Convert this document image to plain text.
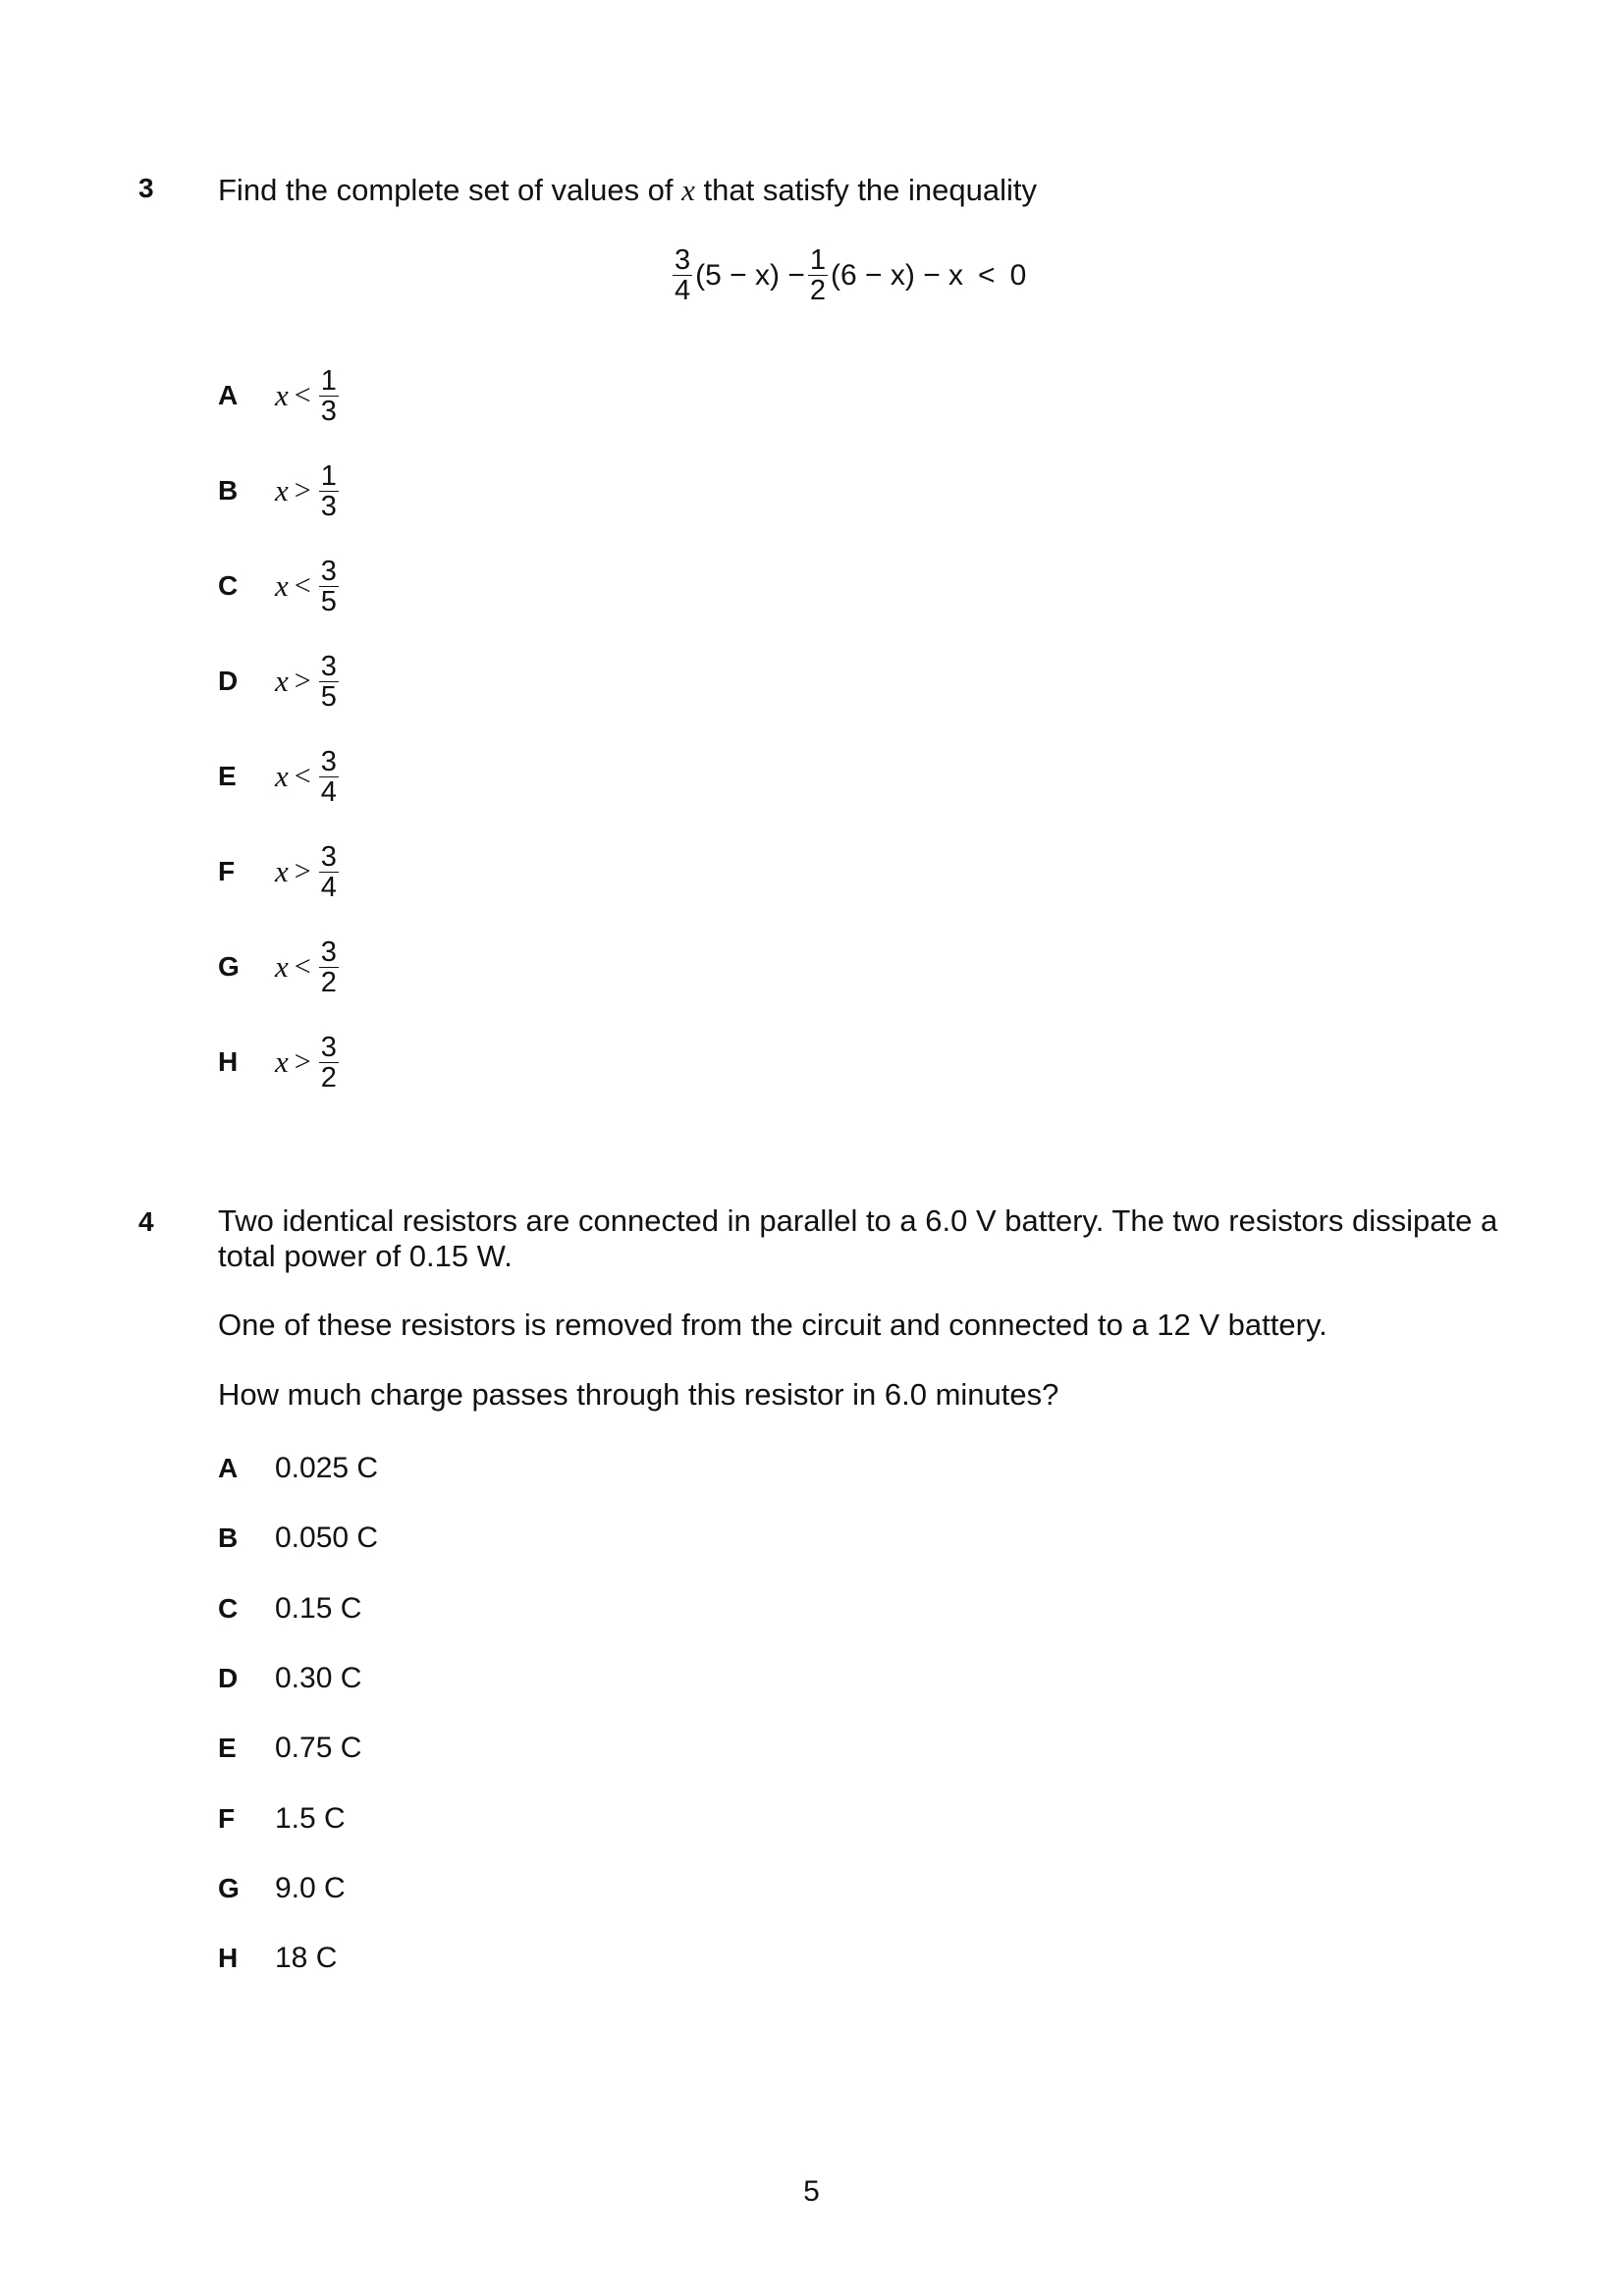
3 Find the complete set of values of x that satisfy the inequality
$\frac{3}{4} (5 - x) - \frac{1}{2} (6 - x) - x < 0$
A	$x < \frac{1}{3}$
B	$x > \frac{1}{3}$
C	$x < \frac{3}{5}$
D	$x > \frac{3}{5}$
E	$x < \frac{3}{4}$
F	$x > \frac{3}{4}$
G	$x < \frac{3}{2}$
H	$x > \frac{3}{2}$
4 Two identical resistors are connected in parallel to a 6.0 V battery. The two resistors dissipate a total power of 0.15 W.
One of these resistors is removed from the circuit and connected to a 12 V battery.
How much charge passes through this resistor in 6.0 minutes?
A	0.025 C
B	0.050 C
C	0.15 C
D	0.30 C
E	0.75 C
F	1.5 C
G	9.0 C
H	18 C
5
